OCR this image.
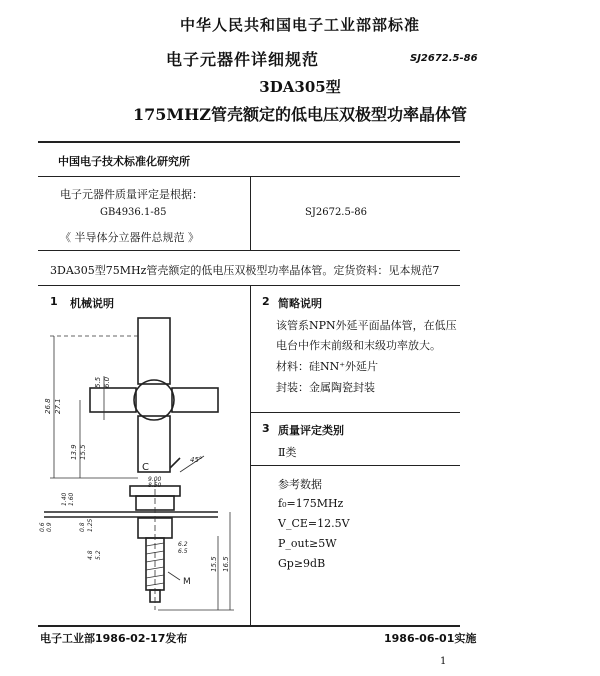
中华人民共和国电子工业部部标准
电子元器件详细规范	SJ2672.5-86
3DA305型
175MHZ管壳额定的低电压双极型功率晶体管
中国电子技术标准化研究所
电子元器件质量评定是根据：
GB4936.1-85
《 半导体分立器件总规范 》
SJ2672.5-86
3DA305型75MHz管壳额定的低电压双极型功率晶体管。定货资料：见本规范7
1 机械说明
26.8 27.1
5.5 6.0
13.9 15.5
C
45°
9.00
8.50
1.40 1.60
0.6 0.9	0.8 1.25
4.8 5.2
6.2
6.5
15.5 16.5
M
2 简略说明
该管系NPN外延平面晶体管，在低压
电台中作末前级和末级功率放大。
材料：硅NN⁺外延片
封装：金属陶瓷封装
3 质量评定类别
Ⅱ类
参考数据
f₀=175MHz
V_CE=12.5V
P_out≥5W
Gp≥9dB
电子工业部1986-02-17发布	1986-06-01实施
1
